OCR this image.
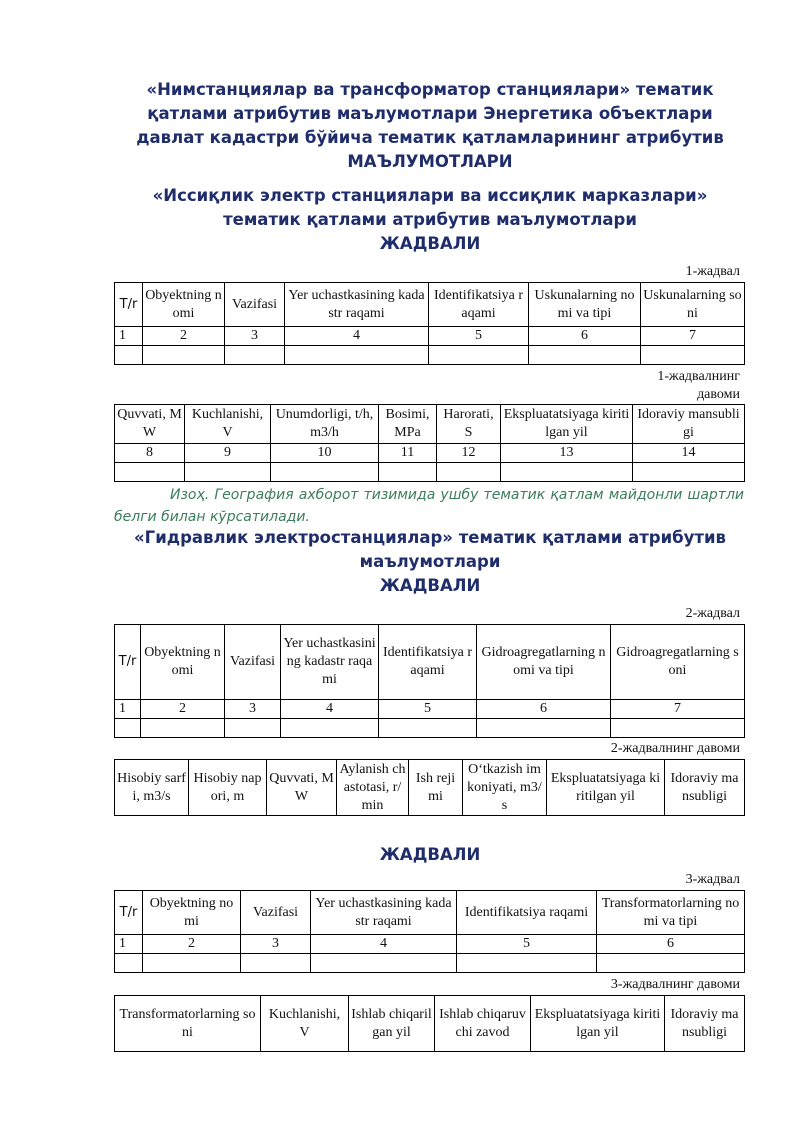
«Нимстанциялар ва трансформатор станциялари» тематик
қатлами атрибутив маълумотлари Энергетика объектлари
давлат кадастри бўйича тематик қатламларининг атрибутив
МАЪЛУМОТЛАРИ
«Иссиқлик электр станциялари ва иссиқлик марказлари»
тематик қатлами атрибутив маълумотлари
ЖАДВАЛИ
1-жадвал
T/r	Obyektning nomi	Vazifasi	Yer uchastkasining kadastr raqami	Identifikatsiya raqami	Uskunalarning nomi va tipi	Uskunalarning soni
1	2	3	4	5	6	7

1-жадвалнинг
давоми
Quvvati, MW	Kuchlanishi, V	Unumdorligi, t/h, m3/h	Bosimi, MPa	Harorati, S	Ekspluatatsiyaga kiritilgan yil	Idoraviy mansubligi
8	9	10	11	12	13	14

Изоҳ. География ахборот тизимида ушбу тематик қатлам майдонли шартли белги билан кўрсатилади.
«Гидравлик электростанциялар» тематик қатлами атрибутив
маълумотлари
ЖАДВАЛИ
2-жадвал
T/r	Obyektning nomi	Vazifasi	Yer uchastkasining kadastr raqami	Identifikatsiya raqami	Gidroagregatlarning nomi va tipi	Gidroagregatlarning soni
1	2	3	4	5	6	7

2-жадвалнинг давоми
Hisobiy sarfi, m3/s	Hisobiy napori, m	Quvvati, MW	Aylanish chastotasi, r/min	Ish rejimi	O‘tkazish imkoniyati, m3/s	Ekspluatatsiyaga kiritilgan yil	Idoraviy mansubligi
ЖАДВАЛИ
3-жадвал
T/r	Obyektning nomi	Vazifasi	Yer uchastkasining kadastr raqami	Identifikatsiya raqami	Transformatorlarning nomi va tipi
1	2	3	4	5	6

3-жадвалнинг давоми
Transformatorlarning soni	Kuchlanishi, V	Ishlab chiqarilgan yil	Ishlab chiqaruvchi zavod	Ekspluatatsiyaga kiritilgan yil	Idoraviy mansubligi
